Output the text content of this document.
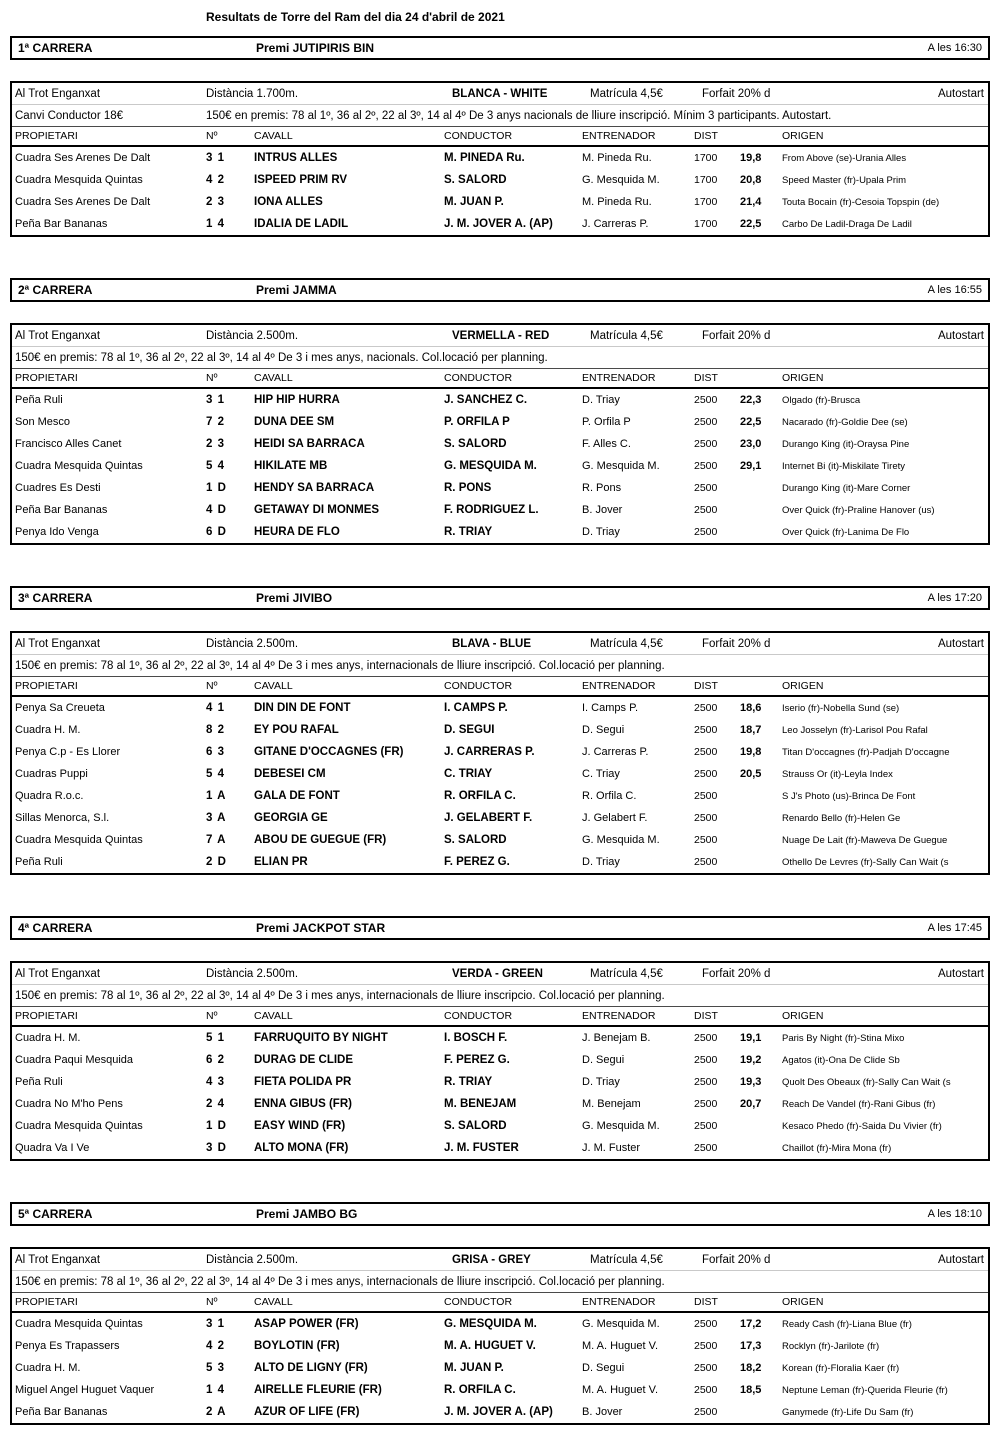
Resultats de Torre del Ram del dia 24 d'abril de 2021
1ª CARRERA	Premi JUTIPIRIS BIN	A les 16:30
Al Trot Enganxat	Distància 1.700m.	BLANCA - WHITE	Matrícula 4,5€	Forfait 20% d	Autostart
Canvi Conductor 18€	150€ en premis: 78 al 1º, 36 al 2º, 22 al 3º, 14 al 4º De 3 anys nacionals de lliure inscripció. Mínim 3 participants. Autostart.
PROPIETARI	Nº	CAVALL	CONDUCTOR	ENTRENADOR	DIST	ORIGEN
Cuadra Ses Arenes De Dalt	3 1	INTRUS ALLES	M. PINEDA Ru.	M. Pineda Ru.	1700	19,8	From Above (se)-Urania Alles
Cuadra Mesquida Quintas	4 2	ISPEED PRIM RV	S. SALORD	G. Mesquida M.	1700	20,8	Speed Master (fr)-Upala Prim
Cuadra Ses Arenes De Dalt	2 3	IONA ALLES	M. JUAN P.	M. Pineda Ru.	1700	21,4	Touta Bocain (fr)-Cesoia Topspin (de)
Peña Bar Bananas	1 4	IDALIA DE LADIL	J. M. JOVER A. (AP)	J. Carreras P.	1700	22,5	Carbo De Ladil-Draga De Ladil
2ª CARRERA	Premi JAMMA	A les 16:55
Al Trot Enganxat	Distància 2.500m.	VERMELLA - RED	Matrícula 4,5€	Forfait 20% d	Autostart
150€ en premis: 78 al 1º, 36 al 2º, 22 al 3º, 14 al 4º De 3 i mes anys, nacionals. Col.locació per planning.
PROPIETARI	Nº	CAVALL	CONDUCTOR	ENTRENADOR	DIST	ORIGEN
Peña Ruli	3 1	HIP HIP HURRA	J. SANCHEZ C.	D. Triay	2500	22,3	Olgado (fr)-Brusca
Son Mesco	7 2	DUNA DEE SM	P. ORFILA P	P. Orfila P	2500	22,5	Nacarado (fr)-Goldie Dee (se)
Francisco Alles Canet	2 3	HEIDI SA BARRACA	S. SALORD	F. Alles C.	2500	23,0	Durango King (it)-Oraysa Pine
Cuadra Mesquida Quintas	5 4	HIKILATE MB	G. MESQUIDA M.	G. Mesquida M.	2500	29,1	Internet Bi (it)-Miskilate Tirety
Cuadres Es Desti	1 D	HENDY SA BARRACA	R. PONS	R. Pons	2500	Durango King (it)-Mare Corner
Peña Bar Bananas	4 D	GETAWAY DI MONMES	F. RODRIGUEZ L.	B. Jover	2500	Over Quick (fr)-Praline Hanover (us)
Penya Ido Venga	6 D	HEURA DE FLO	R. TRIAY	D. Triay	2500	Over Quick (fr)-Lanima De Flo
3ª CARRERA	Premi JIVIBO	A les 17:20
Al Trot Enganxat	Distància 2.500m.	BLAVA - BLUE	Matrícula 4,5€	Forfait 20% d	Autostart
150€ en premis: 78 al 1º, 36 al 2º, 22 al 3º, 14 al 4º De 3 i mes anys, internacionals de lliure inscripció. Col.locació per planning.
PROPIETARI	Nº	CAVALL	CONDUCTOR	ENTRENADOR	DIST	ORIGEN
Penya Sa Creueta	4 1	DIN DIN DE FONT	I. CAMPS P.	I. Camps P.	2500	18,6	Iserio (fr)-Nobella Sund (se)
Cuadra H. M.	8 2	EY POU RAFAL	D. SEGUI	D. Segui	2500	18,7	Leo Josselyn (fr)-Larisol Pou Rafal
Penya C.p - Es Llorer	6 3	GITANE D'OCCAGNES (FR)	J. CARRERAS P.	J. Carreras P.	2500	19,8	Titan D'occagnes (fr)-Padjah D'occagne
Cuadras Puppi	5 4	DEBESEI CM	C. TRIAY	C. Triay	2500	20,5	Strauss Or (it)-Leyla Index
Quadra R.o.c.	1 A	GALA DE FONT	R. ORFILA C.	R. Orfila C.	2500	S J's Photo (us)-Brinca De Font
Sillas Menorca, S.l.	3 A	GEORGIA GE	J. GELABERT F.	J. Gelabert F.	2500	Renardo Bello (fr)-Helen Ge
Cuadra Mesquida Quintas	7 A	ABOU DE GUEGUE (FR)	S. SALORD	G. Mesquida M.	2500	Nuage De Lait (fr)-Maweva De Guegue
Peña Ruli	2 D	ELIAN PR	F. PEREZ G.	D. Triay	2500	Othello De Levres (fr)-Sally Can Wait (s
4ª CARRERA	Premi JACKPOT STAR	A les 17:45
Al Trot Enganxat	Distància 2.500m.	VERDA - GREEN	Matrícula 4,5€	Forfait 20% d	Autostart
150€ en premis: 78 al 1º, 36 al 2º, 22 al 3º, 14 al 4º De 3 i mes anys, internacionals de lliure inscripcio. Col.locació per planning.
PROPIETARI	Nº	CAVALL	CONDUCTOR	ENTRENADOR	DIST	ORIGEN
Cuadra H. M.	5 1	FARRUQUITO BY NIGHT	I. BOSCH F.	J. Benejam B.	2500	19,1	Paris By Night (fr)-Stina Mixo
Cuadra Paqui Mesquida	6 2	DURAG DE CLIDE	F. PEREZ G.	D. Segui	2500	19,2	Agatos (it)-Ona De Clide Sb
Peña Ruli	4 3	FIETA POLIDA PR	R. TRIAY	D. Triay	2500	19,3	Quolt Des Obeaux (fr)-Sally Can Wait (s
Cuadra No M'ho Pens	2 4	ENNA GIBUS (FR)	M. BENEJAM	M. Benejam	2500	20,7	Reach De Vandel (fr)-Rani Gibus (fr)
Cuadra Mesquida Quintas	1 D	EASY WIND (FR)	S. SALORD	G. Mesquida M.	2500	Kesaco Phedo (fr)-Saida Du Vivier (fr)
Quadra Va I Ve	3 D	ALTO MONA (FR)	J. M. FUSTER	J. M. Fuster	2500	Chaillot (fr)-Mira Mona (fr)
5ª CARRERA	Premi JAMBO BG	A les 18:10
Al Trot Enganxat	Distància 2.500m.	GRISA - GREY	Matrícula 4,5€	Forfait 20% d	Autostart
150€ en premis: 78 al 1º, 36 al 2º, 22 al 3º, 14 al 4º De 3 i mes anys, internacionals de lliure inscripció. Col.locació per planning.
PROPIETARI	Nº	CAVALL	CONDUCTOR	ENTRENADOR	DIST	ORIGEN
Cuadra Mesquida Quintas	3 1	ASAP POWER (FR)	G. MESQUIDA M.	G. Mesquida M.	2500	17,2	Ready Cash (fr)-Liana Blue (fr)
Penya Es Trapassers	4 2	BOYLOTIN (FR)	M. A. HUGUET V.	M. A. Huguet V.	2500	17,3	Rocklyn (fr)-Jarilote (fr)
Cuadra H. M.	5 3	ALTO DE LIGNY (FR)	M. JUAN P.	D. Segui	2500	18,2	Korean (fr)-Floralia Kaer (fr)
Miguel Angel Huguet Vaquer	1 4	AIRELLE FLEURIE (FR)	R. ORFILA C.	M. A. Huguet V.	2500	18,5	Neptune Leman (fr)-Querida Fleurie (fr)
Peña Bar Bananas	2 A	AZUR OF LIFE (FR)	J. M. JOVER A. (AP)	B. Jover	2500	Ganymede (fr)-Life Du Sam (fr)
